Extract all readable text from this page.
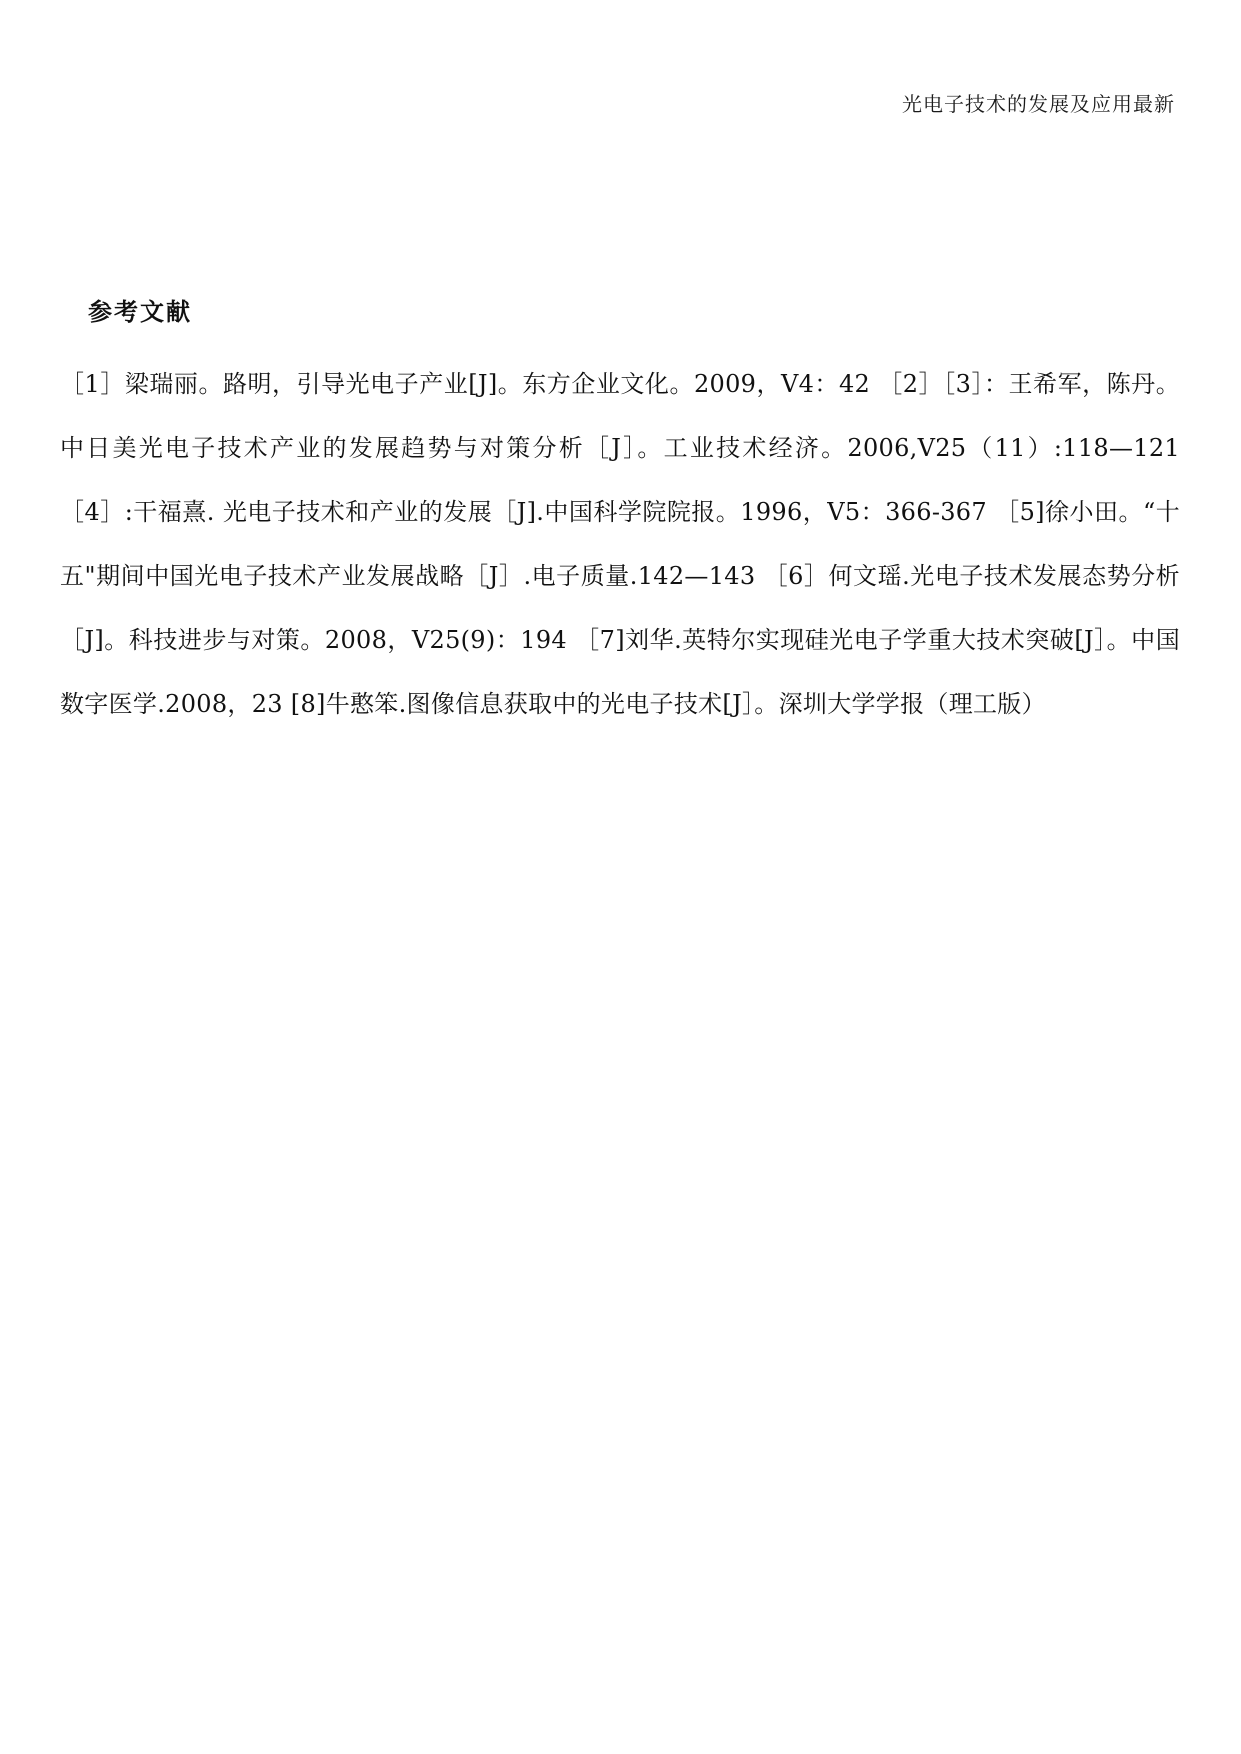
光电子技术的发展及应用最新
参考文献

［1］梁瑞丽。路明，引导光电子产业[J]。东方企业文化。2009，V4：42 ［2］［3］：王希军，陈丹。中日美光电子技术产业的发展趋势与对策分析［J］。工业技术经济。2006,V25（11）:118—121 ［4］:干福熹. 光电子技术和产业的发展［J].中国科学院院报。1996，V5：366-367 ［5]徐小田。“十五"期间中国光电子技术产业发展战略［J］.电子质量.142—143 ［6］何文瑶.光电子技术发展态势分析［J]。科技进步与对策。2008，V25(9)：194 ［7]刘华.英特尔实现硅光电子学重大技术突破[J］。中国数字医学.2008，23 [8]牛憨笨.图像信息获取中的光电子技术[J］。深圳大学学报（理工版）
